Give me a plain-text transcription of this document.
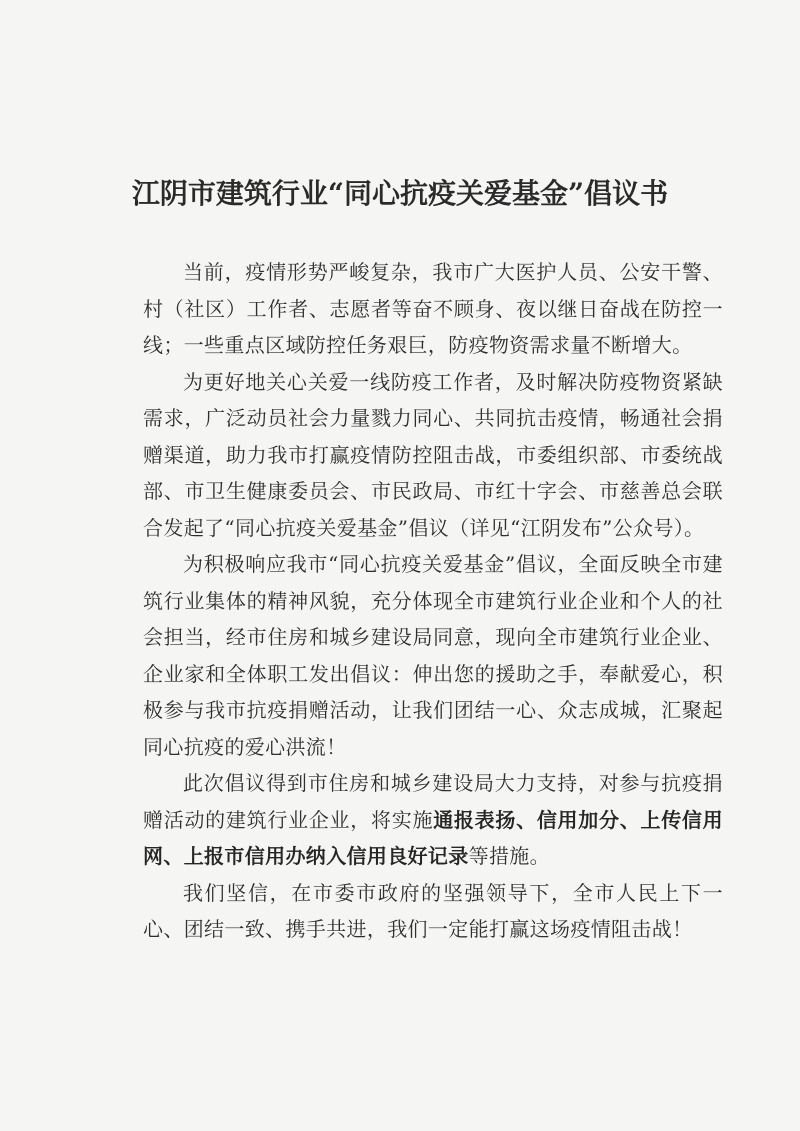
江阴市建筑行业“同心抗疫关爱基金”倡议书

当前，疫情形势严峻复杂，我市广大医护人员、公安干警、村（社区）工作者、志愿者等奋不顾身、夜以继日奋战在防控一线；一些重点区域防控任务艰巨，防疫物资需求量不断增大。

为更好地关心关爱一线防疫工作者，及时解决防疫物资紧缺需求，广泛动员社会力量戮力同心、共同抗击疫情，畅通社会捐赠渠道，助力我市打赢疫情防控阻击战，市委组织部、市委统战部、市卫生健康委员会、市民政局、市红十字会、市慈善总会联合发起了“同心抗疫关爱基金”倡议（详见“江阴发布”公众号）。

为积极响应我市“同心抗疫关爱基金”倡议，全面反映全市建筑行业集体的精神风貌，充分体现全市建筑行业企业和个人的社会担当，经市住房和城乡建设局同意，现向全市建筑行业企业、企业家和全体职工发出倡议：伸出您的援助之手，奉献爱心，积极参与我市抗疫捐赠活动，让我们团结一心、众志成城，汇聚起同心抗疫的爱心洪流！

此次倡议得到市住房和城乡建设局大力支持，对参与抗疫捐赠活动的建筑行业企业，将实施通报表扬、信用加分、上传信用网、上报市信用办纳入信用良好记录等措施。

我们坚信，在市委市政府的坚强领导下，全市人民上下一心、团结一致、携手共进，我们一定能打赢这场疫情阻击战！
